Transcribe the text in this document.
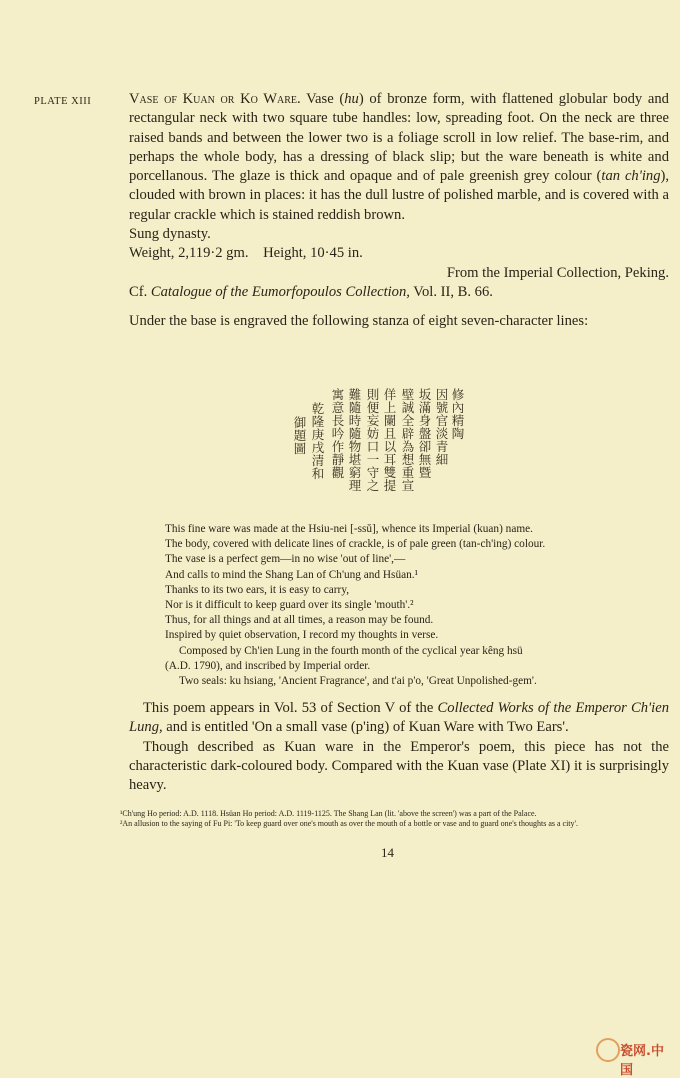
PLATE XIII	Vase of Kuan or Ko Ware. Vase (hu) of bronze form, with flattened globular body and rectangular neck with two square tube handles: low, spreading foot. On the neck are three raised bands and between the lower two is a foliage scroll in low relief. The base-rim, and perhaps the whole body, has a dressing of black slip; but the ware beneath is white and porcellanous. The glaze is thick and opaque and of pale greenish grey colour (tan ch'ing), clouded with brown in places: it has the dull lustre of polished marble, and is covered with a regular crackle which is stained reddish brown.

Sung dynasty.

Weight, 2,119·2 gm.    Height, 10·45 in.

From the Imperial Collection, Peking.

Cf. Catalogue of the Eumorfopoulos Collection, Vol. II, B. 66.

Under the base is engraved the following stanza of eight seven-character lines:

修內精陶
因號官淡青細
坂滿身盤卻無暨
壁誠全辟為想重宣
佯上闌且以耳雙提
則便妄妨口一守之
難隨時隨物堪窮理
寓意長吟作靜觀
乾隆庚戌清和
御題圖

This fine ware was made at the Hsiu-nei [-ssŭ], whence its Imperial (kuan) name.

The body, covered with delicate lines of crackle, is of pale green (tan-ch'ing) colour.

The vase is a perfect gem—in no wise 'out of line',—

And calls to mind the Shang Lan of Ch'ung and Hsüan.¹

Thanks to its two ears, it is easy to carry,

Nor is it difficult to keep guard over its single 'mouth'.²

Thus, for all things and at all times, a reason may be found.

Inspired by quiet observation, I record my thoughts in verse.

Composed by Ch'ien Lung in the fourth month of the cyclical year kêng hsü

(A.D. 1790), and inscribed by Imperial order.

Two seals: ku hsiang, 'Ancient Fragrance', and t'ai p'o, 'Great Unpolished-gem'.

This poem appears in Vol. 53 of Section V of the Collected Works of the Emperor Ch'ien Lung, and is entitled 'On a small vase (p'ing) of Kuan Ware with Two Ears'.

Though described as Kuan ware in the Emperor's poem, this piece has not the characteristic dark-coloured body. Compared with the Kuan vase (Plate XI) it is surprisingly heavy.

¹Ch'ung Ho period: A.D. 1118. Hsüan Ho period: A.D. 1119-1125. The Shang Lan (lit. 'above the screen') was a part of the Palace.

²An allusion to the saying of Fu Pi: 'To keep guard over one's mouth as over the mouth of a bottle or vase and to guard one's thoughts as a city'.

14
瓷网.中国
